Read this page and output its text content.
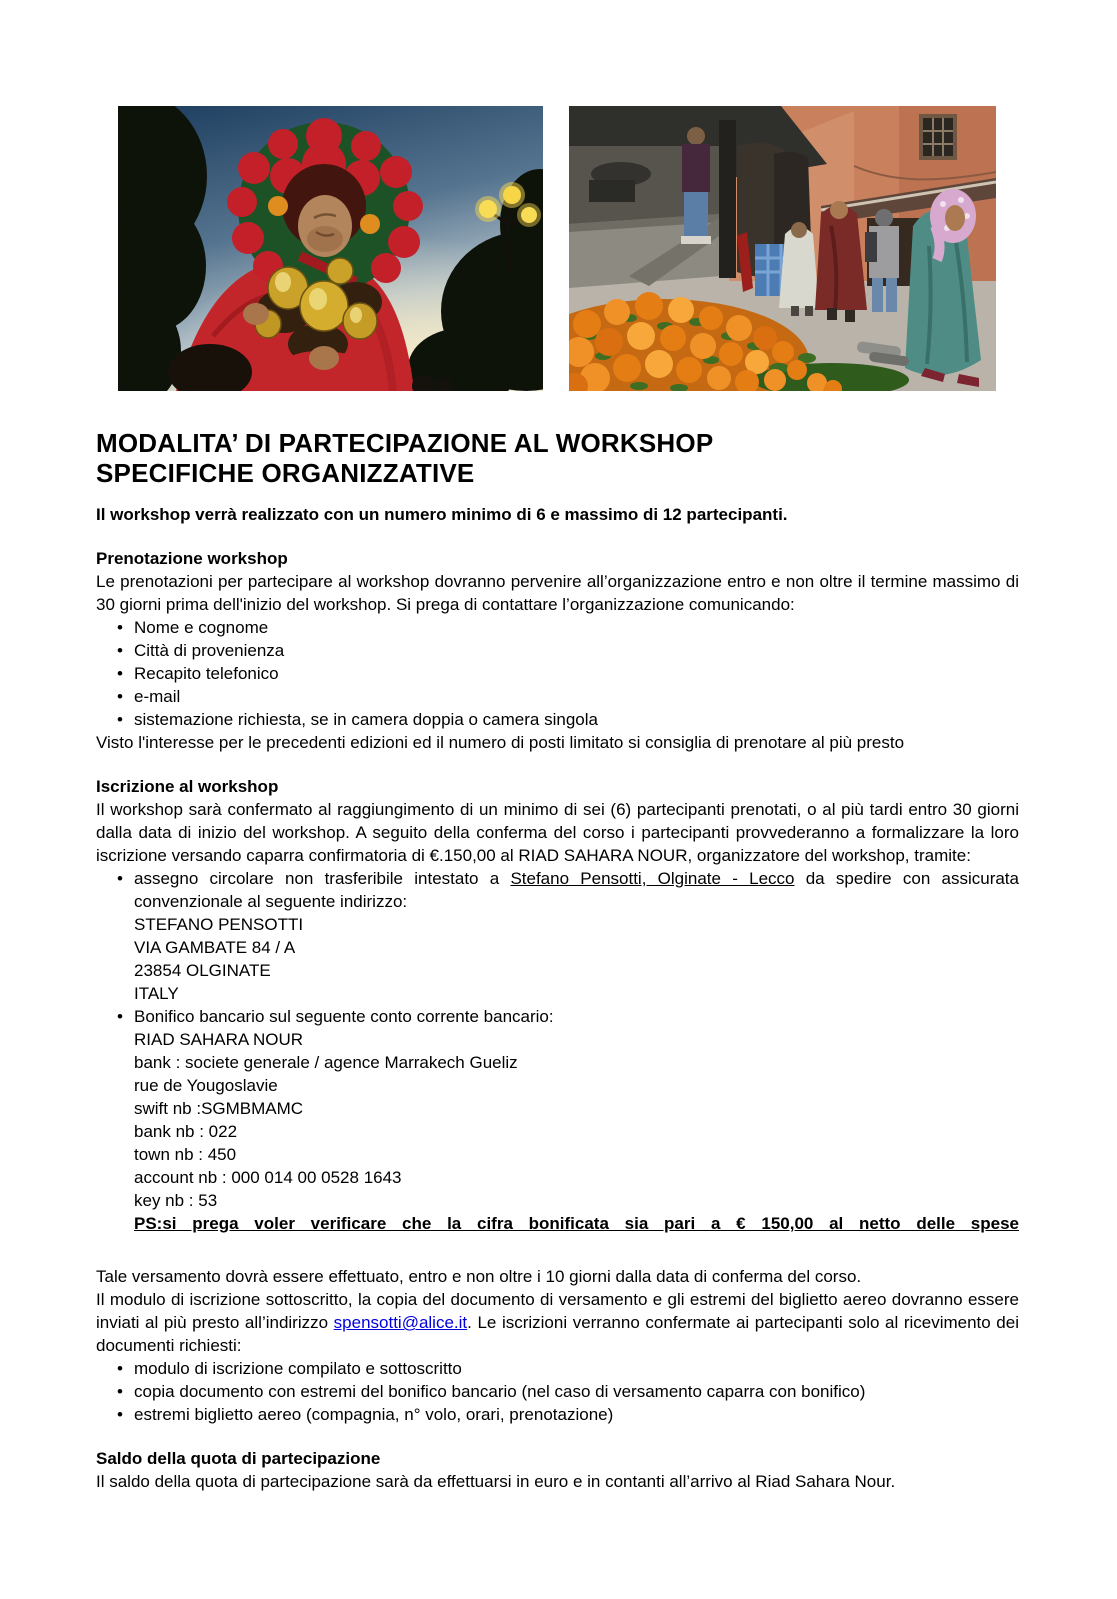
MODALITA’ DI PARTECIPAZIONE AL WORKSHOP
SPECIFICHE ORGANIZZATIVE

Il workshop verrà realizzato con un numero minimo di 6 e massimo di 12 partecipanti.

Prenotazione workshop

Le prenotazioni per partecipare al workshop dovranno pervenire all’organizzazione entro e non oltre il termine massimo di 30 giorni prima dell'inizio del workshop. Si prega di contattare l’organizzazione comunicando:

• Nome e cognome
• Città di provenienza
• Recapito telefonico
• e-mail
• sistemazione richiesta, se in camera doppia o camera singola

Visto l'interesse per le precedenti edizioni ed il numero di posti limitato si consiglia di prenotare al più presto

Iscrizione al workshop

Il workshop sarà confermato al raggiungimento di un minimo di sei (6) partecipanti prenotati, o al più tardi entro 30 giorni dalla data di inizio del workshop. A seguito della conferma del corso i partecipanti provvederanno a formalizzare la loro iscrizione versando caparra confirmatoria di €.150,00 al RIAD SAHARA NOUR, organizzatore del workshop, tramite:

• assegno circolare non trasferibile intestato a Stefano Pensotti, Olginate - Lecco da spedire con assicurata convenzionale al seguente indirizzo:

STEFANO PENSOTTI

VIA GAMBATE 84 / A

23854 OLGINATE

ITALY

• Bonifico bancario sul seguente conto corrente bancario:

RIAD SAHARA NOUR

bank : societe generale / agence Marrakech Gueliz

rue de Yougoslavie

swift nb :SGMBMAMC

bank nb : 022

town nb : 450

account nb : 000 014 00 0528 1643

key nb : 53

PS:si prega voler verificare che la cifra bonificata sia pari a € 150,00 al netto delle spese

Tale versamento dovrà essere effettuato, entro e non oltre i 10 giorni dalla data di conferma del corso.

Il modulo di iscrizione sottoscritto, la copia del documento di versamento e gli estremi del biglietto aereo dovranno essere inviati al più presto all’indirizzo spensotti@alice.it. Le iscrizioni verranno confermate ai partecipanti solo al ricevimento dei documenti richiesti:

• modulo di iscrizione compilato e sottoscritto
• copia documento con estremi del bonifico bancario (nel caso di versamento caparra con bonifico)
• estremi biglietto aereo (compagnia, n° volo, orari, prenotazione)

Saldo della quota di partecipazione

Il saldo della quota di partecipazione sarà da effettuarsi in euro e in contanti all’arrivo al Riad Sahara Nour.
